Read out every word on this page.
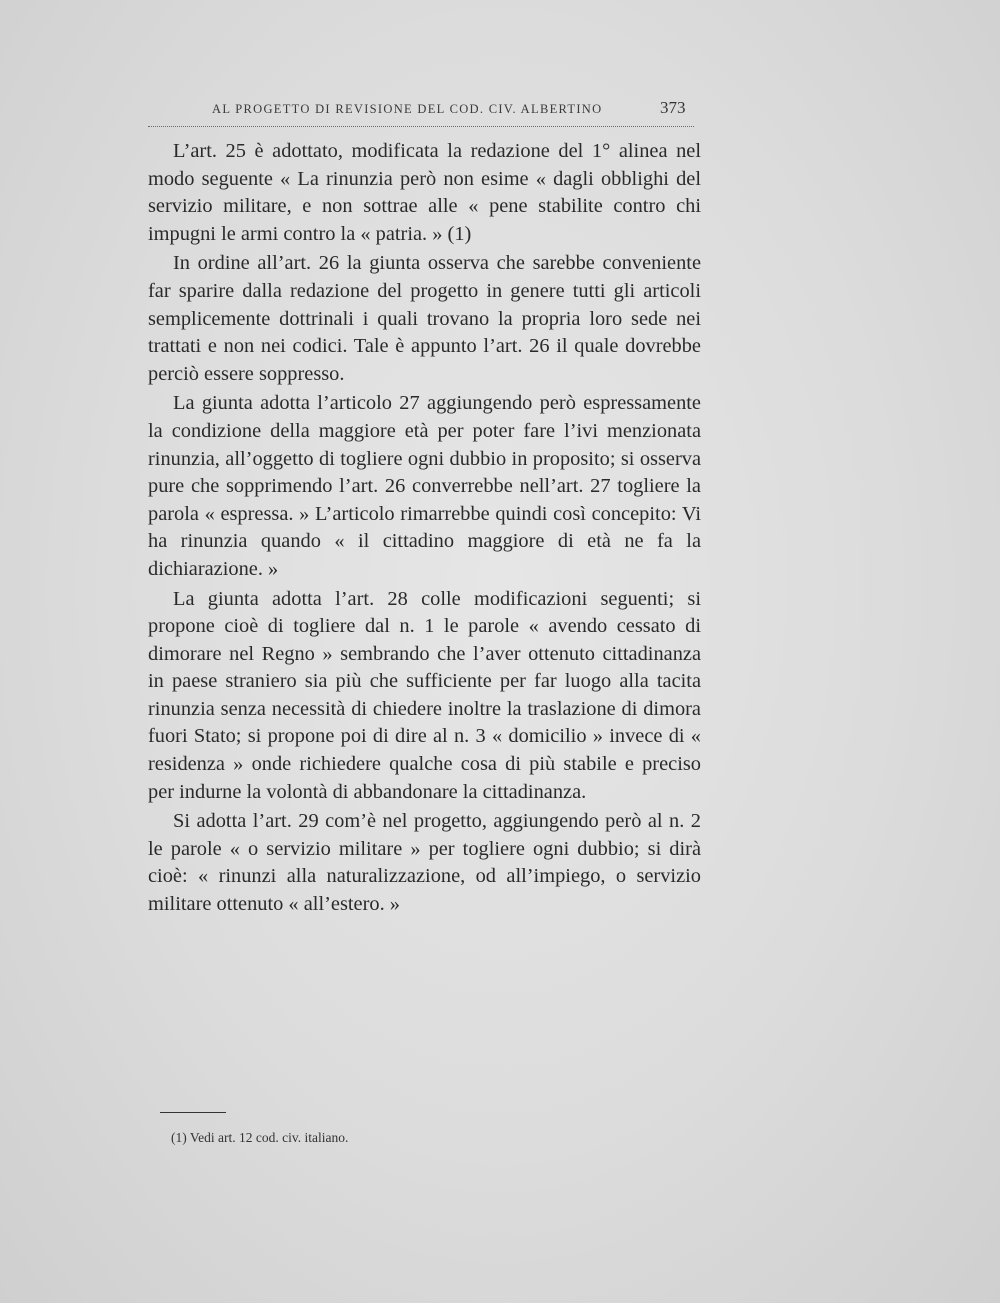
AL PROGETTO DI REVISIONE DEL COD. CIV. ALBERTINO	373

L’art. 25 è adottato, modificata la redazione del 1° alinea nel modo seguente « La rinunzia però non esime « dagli obblighi del servizio militare, e non sottrae alle « pene stabilite contro chi impugni le armi contro la « patria. » (1)

In ordine all’art. 26 la giunta osserva che sarebbe conveniente far sparire dalla redazione del progetto in genere tutti gli articoli semplicemente dottrinali i quali trovano la propria loro sede nei trattati e non nei codici. Tale è appunto l’art. 26 il quale dovrebbe perciò essere soppresso.

La giunta adotta l’articolo 27 aggiungendo però espressamente la condizione della maggiore età per poter fare l’ivi menzionata rinunzia, all’oggetto di togliere ogni dubbio in proposito; si osserva pure che sopprimendo l’art. 26 converrebbe nell’art. 27 togliere la parola « espressa. » L’articolo rimarrebbe quindi così concepito: Vi ha rinunzia quando « il cittadino maggiore di età ne fa la dichiarazione. »

La giunta adotta l’art. 28 colle modificazioni seguenti; si propone cioè di togliere dal n. 1 le parole « avendo cessato di dimorare nel Regno » sembrando che l’aver ottenuto cittadinanza in paese straniero sia più che sufficiente per far luogo alla tacita rinunzia senza necessità di chiedere inoltre la traslazione di dimora fuori Stato; si propone poi di dire al n. 3 « domicilio » invece di « residenza » onde richiedere qualche cosa di più stabile e preciso per indurne la volontà di abbandonare la cittadinanza.

Si adotta l’art. 29 com’è nel progetto, aggiungendo però al n. 2 le parole « o servizio militare » per togliere ogni dubbio; si dirà cioè: « rinunzi alla naturalizzazione, od all’impiego, o servizio militare ottenuto « all’estero. »

(1) Vedi art. 12 cod. civ. italiano.
